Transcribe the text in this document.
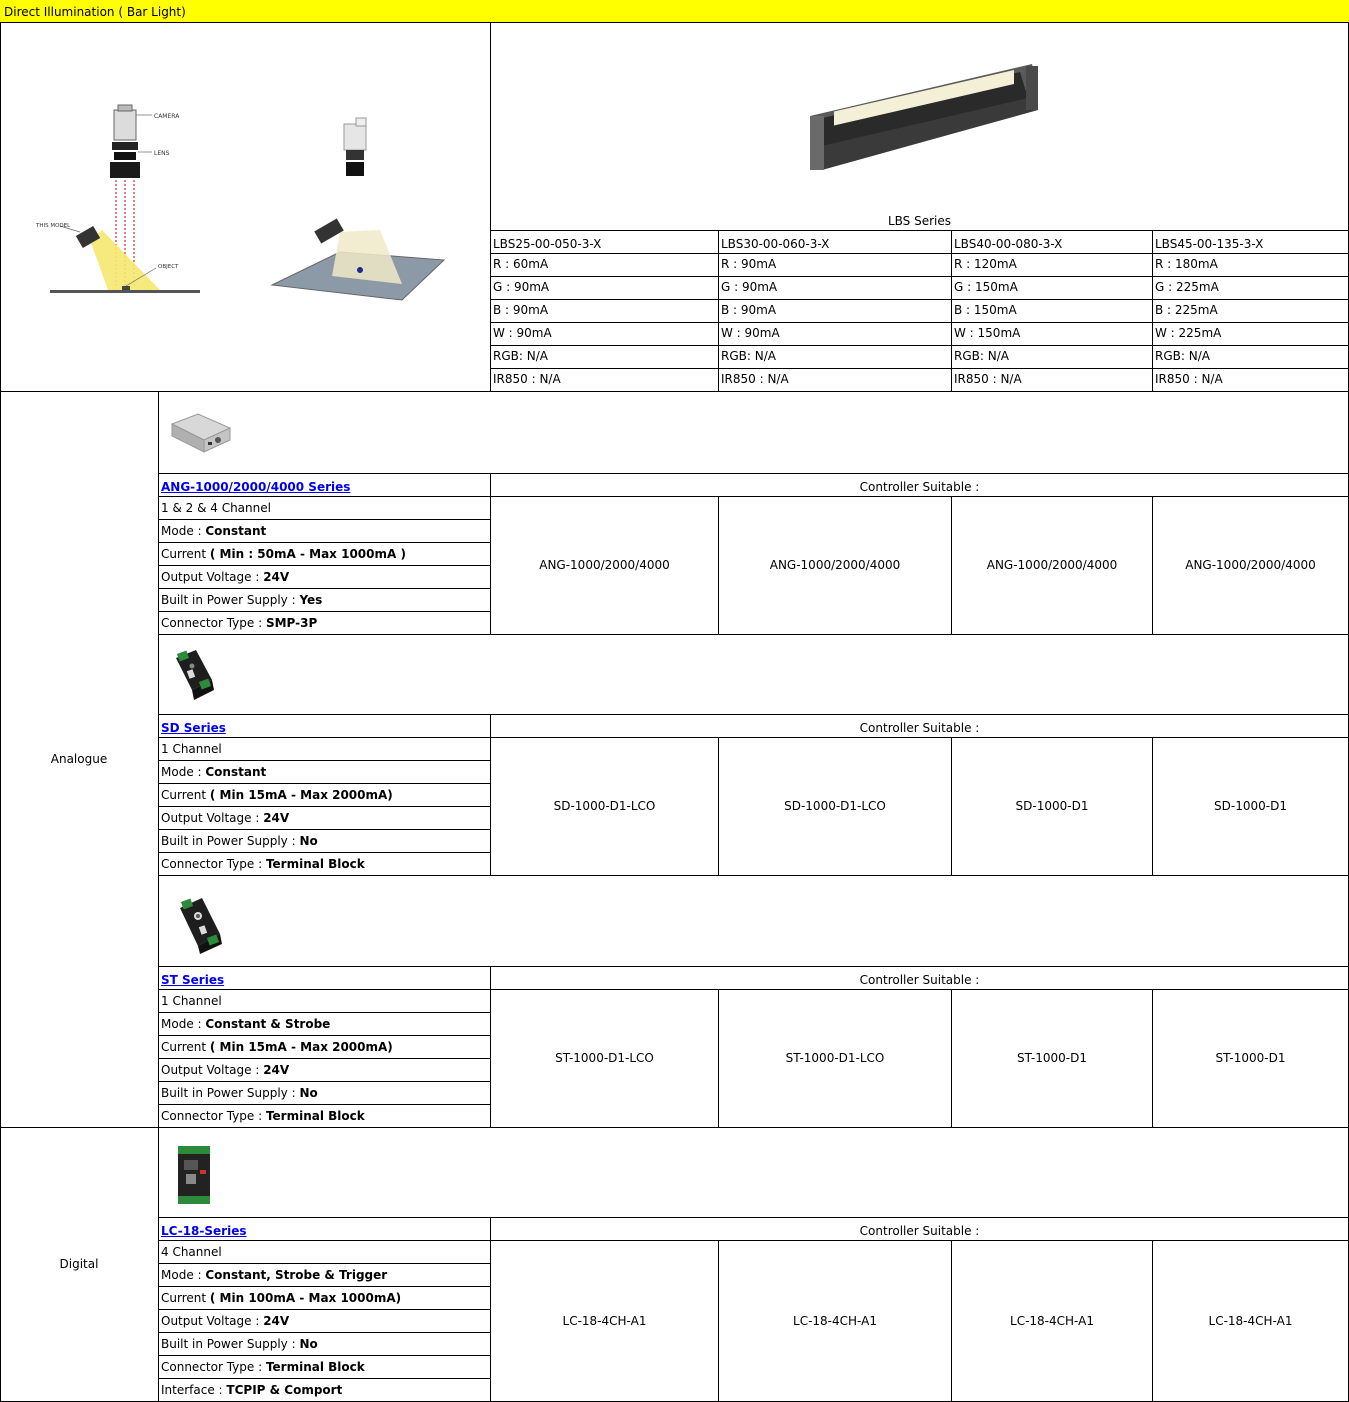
Direct Illumination ( Bar Light)
CAMERA
LENS
THIS MODEL
OBJECT
LBS Series
LBS25-00-050-3-X	LBS30-00-060-3-X	LBS40-00-080-3-X	LBS45-00-135-3-X
R : 60mA	R : 90mA	R : 120mA	R : 180mA
G : 90mA	G : 90mA	G : 150mA	G : 225mA
B : 90mA	B : 90mA	B : 150mA	B : 225mA
W : 90mA	W : 90mA	W : 150mA	W : 225mA
RGB: N/A	RGB: N/A	RGB: N/A	RGB: N/A
IR850 : N/A	IR850 : N/A	IR850 : N/A	IR850 : N/A
Analogue
Digital
ANG-1000/2000/4000 Series	Controller Suitable :
1 & 2 & 4 Channel
Mode : Constant
Current ( Min : 50mA - Max 1000mA )
Output Voltage : 24V
Built in Power Supply : Yes
Connector Type : SMP-3P
ANG-1000/2000/4000	ANG-1000/2000/4000	ANG-1000/2000/4000	ANG-1000/2000/4000
SD Series	Controller Suitable :
1 Channel
Mode : Constant
Current ( Min 15mA - Max 2000mA)
Output Voltage : 24V
Built in Power Supply : No
Connector Type : Terminal Block
SD-1000-D1-LCO	SD-1000-D1-LCO	SD-1000-D1	SD-1000-D1
ST Series	Controller Suitable :
1 Channel
Mode : Constant & Strobe
Current ( Min 15mA - Max 2000mA)
Output Voltage : 24V
Built in Power Supply : No
Connector Type : Terminal Block
ST-1000-D1-LCO	ST-1000-D1-LCO	ST-1000-D1	ST-1000-D1
LC-18-Series	Controller Suitable :
4 Channel
Mode : Constant, Strobe & Trigger
Current ( Min 100mA - Max 1000mA)
Output Voltage : 24V
Built in Power Supply : No
Connector Type : Terminal Block
Interface : TCPIP & Comport
LC-18-4CH-A1	LC-18-4CH-A1	LC-18-4CH-A1	LC-18-4CH-A1
